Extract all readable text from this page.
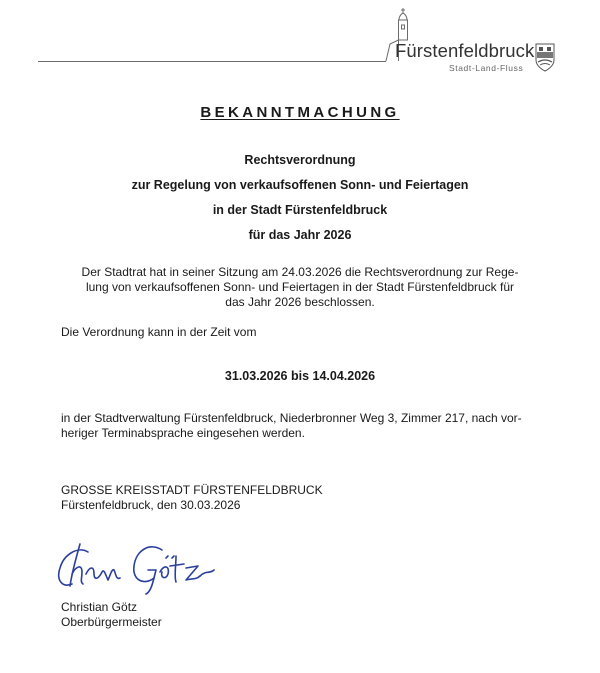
Fürstenfeldbruck
Stadt-Land-Fluss
BEKANNTMACHUNG
Rechtsverordnung
zur Regelung von verkaufsoffenen Sonn- und Feiertagen
in der Stadt Fürstenfeldbruck
für das Jahr 2026
Der Stadtrat hat in seiner Sitzung am 24.03.2026 die Rechtsverordnung zur Rege-
lung von verkaufsoffenen Sonn- und Feiertagen in der Stadt Fürstenfeldbruck für
das Jahr 2026 beschlossen.
Die Verordnung kann in der Zeit vom
31.03.2026 bis 14.04.2026
in der Stadtverwaltung Fürstenfeldbruck, Niederbronner Weg 3, Zimmer 217, nach vor-
heriger Terminabsprache eingesehen werden.
GROSSE KREISSTADT FÜRSTENFELDBRUCK
Fürstenfeldbruck, den 30.03.2026
Christian Götz
Oberbürgermeister
